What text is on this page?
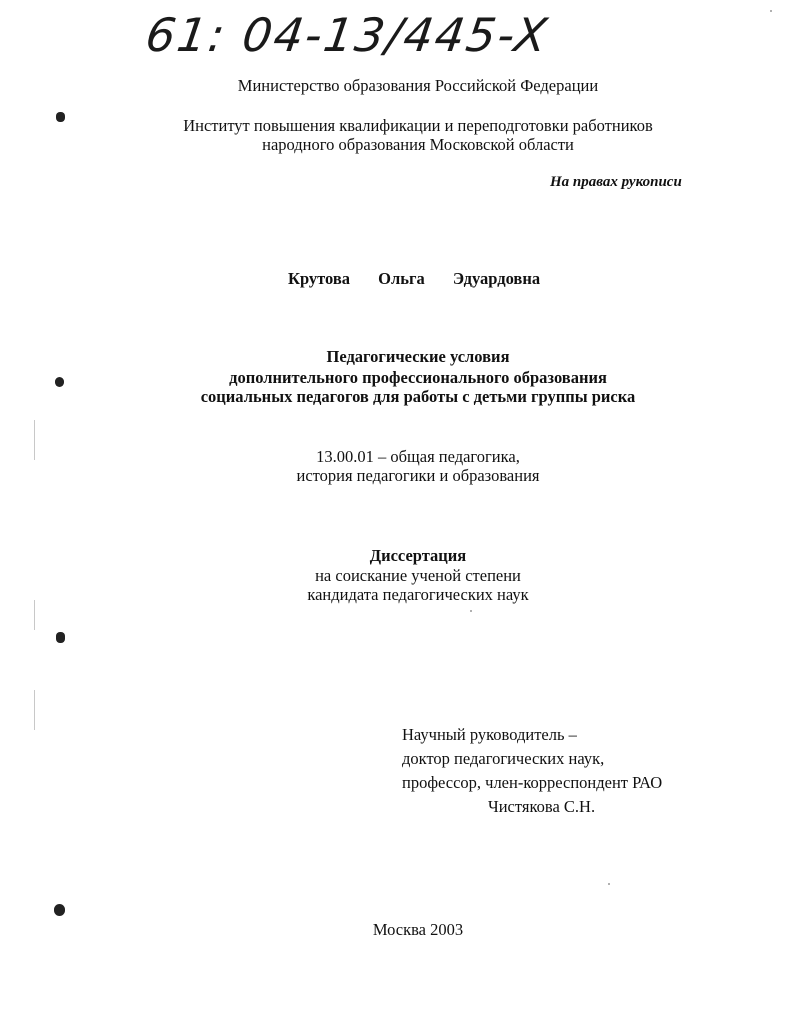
61: 04-13/445-X
Министерство образования Российской Федерации
Институт повышения квалификации и переподготовки работников
народного образования Московской области
На правах рукописи
Крутова Ольга Эдуардовна
Педагогические условия
дополнительного профессионального образования
социальных педагогов для работы с детьми группы риска
13.00.01 – общая педагогика,
история педагогики и образования
Диссертация
на соискание ученой степени
кандидата педагогических наук
Научный руководитель –
доктор педагогических наук,
профессор, член-корреспондент РАО
Чистякова С.Н.
Москва 2003
